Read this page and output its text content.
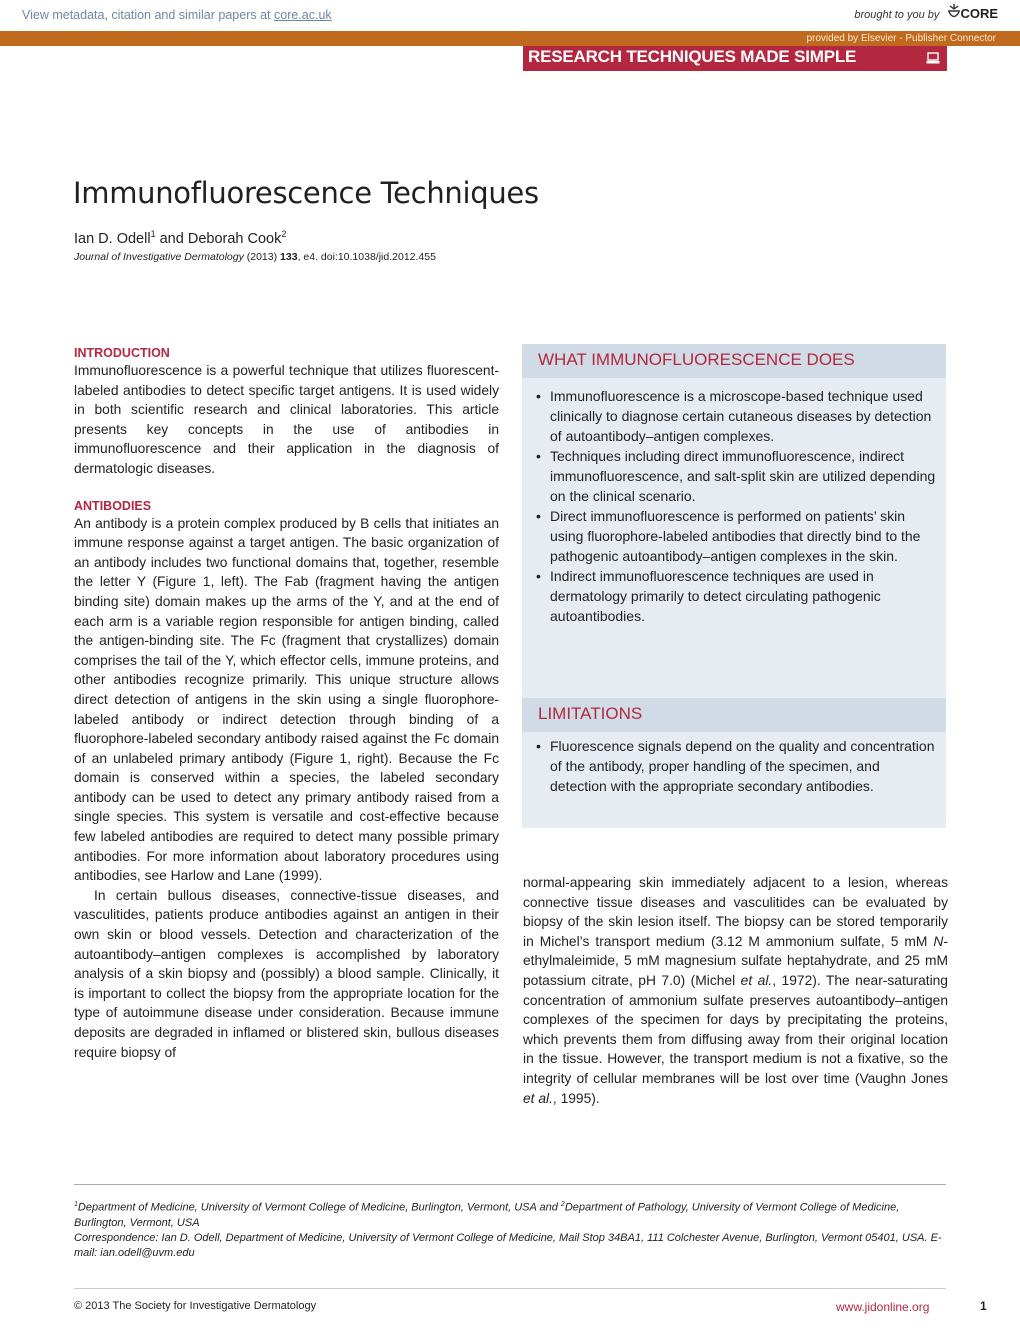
View metadata, citation and similar papers at core.ac.uk	brought to you by CORE
provided by Elsevier - Publisher Connector
RESEARCH TECHNIQUES MADE SIMPLE
Immunofluorescence Techniques
Ian D. Odell$^1$ and Deborah Cook$^2$
Journal of Investigative Dermatology (2013) 133, e4. doi:10.1038/jid.2012.455

INTRODUCTION

Immunofluorescence is a powerful technique that utilizes fluorescent-labeled antibodies to detect specific target antigens. It is used widely in both scientific research and clinical laboratories. This article presents key concepts in the use of antibodies in immunofluorescence and their application in the diagnosis of dermatologic diseases.

ANTIBODIES

An antibody is a protein complex produced by B cells that initiates an immune response against a target antigen. The basic organization of an antibody includes two functional domains that, together, resemble the letter Y (Figure 1, left). The Fab (fragment having the antigen binding site) domain makes up the arms of the Y, and at the end of each arm is a variable region responsible for antigen binding, called the antigen-binding site. The Fc (fragment that crystallizes) domain comprises the tail of the Y, which effector cells, immune proteins, and other antibodies recognize primarily. This unique structure allows direct detection of antigens in the skin using a single fluorophore-labeled antibody or indirect detection through binding of a fluorophore-labeled secondary antibody raised against the Fc domain of an unlabeled primary antibody (Figure 1, right). Because the Fc domain is conserved within a species, the labeled secondary antibody can be used to detect any primary antibody raised from a single species. This system is versatile and cost-effective because few labeled antibodies are required to detect many possible primary antibodies. For more information about laboratory procedures using antibodies, see Harlow and Lane (1999).

In certain bullous diseases, connective-tissue diseases, and vasculitides, patients produce antibodies against an antigen in their own skin or blood vessels. Detection and characterization of the autoantibody–antigen complexes is accomplished by laboratory analysis of a skin biopsy and (possibly) a blood sample. Clinically, it is important to collect the biopsy from the appropriate location for the type of autoimmune disease under consideration. Because immune deposits are degraded in inflamed or blistered skin, bullous diseases require biopsy of

WHAT IMMUNOFLUORESCENCE DOES
• Immunofluorescence is a microscope-based technique used clinically to diagnose certain cutaneous diseases by detection of autoantibody–antigen complexes.
• Techniques including direct immunofluorescence, indirect immunofluorescence, and salt-split skin are utilized depending on the clinical scenario.
• Direct immunofluorescence is performed on patients’ skin using fluorophore-labeled antibodies that directly bind to the pathogenic autoantibody–antigen complexes in the skin.
• Indirect immunofluorescence techniques are used in dermatology primarily to detect circulating pathogenic autoantibodies.
LIMITATIONS
• Fluorescence signals depend on the quality and concentration of the antibody, proper handling of the specimen, and detection with the appropriate secondary antibodies.

normal-appearing skin immediately adjacent to a lesion, whereas connective tissue diseases and vasculitides can be evaluated by biopsy of the skin lesion itself. The biopsy can be stored temporarily in Michel’s transport medium (3.12 M ammonium sulfate, 5 mM N-ethylmaleimide, 5 mM magnesium sulfate heptahydrate, and 25 mM potassium citrate, pH 7.0) (Michel et al., 1972). The near-saturating concentration of ammonium sulfate preserves autoantibody–antigen complexes of the specimen for days by precipitating the proteins, which prevents them from diffusing away from their original location in the tissue. However, the transport medium is not a fixative, so the integrity of cellular membranes will be lost over time (Vaughn Jones et al., 1995).

$^1$Department of Medicine, University of Vermont College of Medicine, Burlington, Vermont, USA and $^2$Department of Pathology, University of Vermont College of Medicine, Burlington, Vermont, USA
Correspondence: Ian D. Odell, Department of Medicine, University of Vermont College of Medicine, Mail Stop 34BA1, 111 Colchester Avenue, Burlington, Vermont 05401, USA. E-mail: ian.odell@uvm.edu
© 2013 The Society for Investigative Dermatology	www.jidonline.org	1
